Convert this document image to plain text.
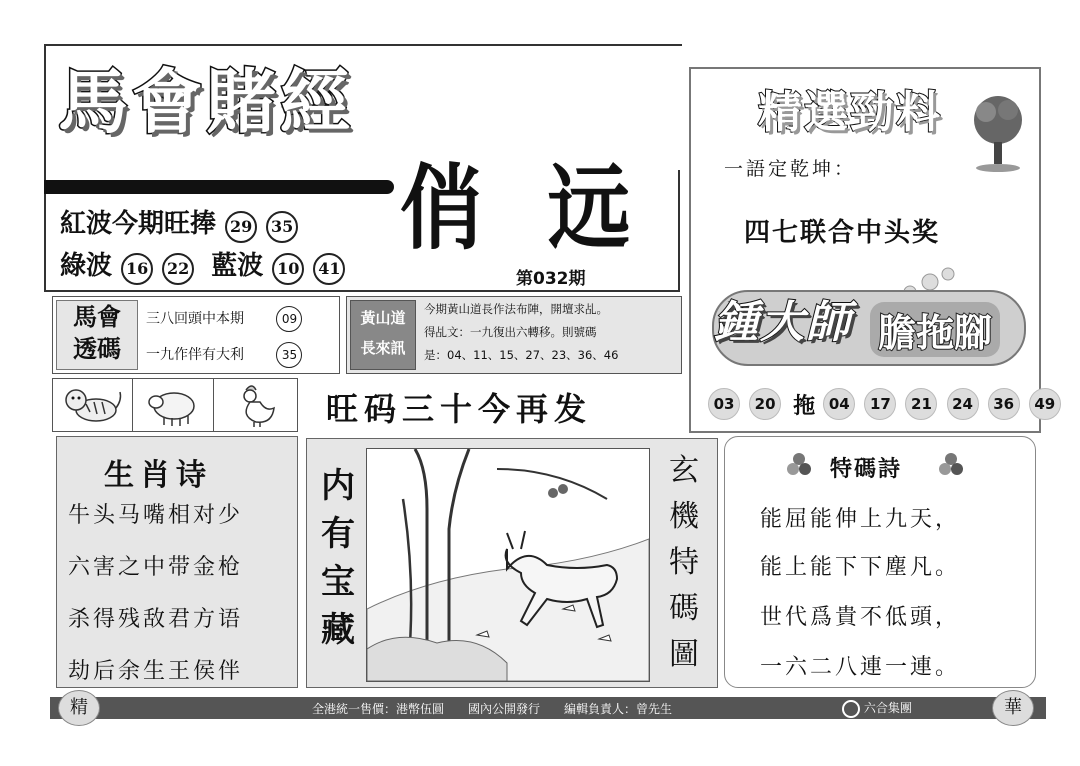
馬會賭經
俏 远
紅波今期旺捧 29 35
綠波 16 22 藍波 10 41
第032期
馬會
透碼
三八回頭中本期	09
一九作伴有大利	35
黃山道
長來訊
今期黃山道長作法布陣，開壇求乩。
得乩文：一九復出六轉移。則號碼
是：04、11、15、27、23、36、46
旺码三十今再发
精選勁料
一語定乾坤：
四七联合中头奖
鍾大師 膽拖腳
03 20 拖 04 17 21 24 36 49
生肖诗
牛头马嘴相对少
六害之中带金枪
杀得残敌君方语
劫后余生王侯伴
内有宝藏
玄機特碼圖
特碼詩
能屈能伸上九天，
能上能下下塵凡。
世代爲貴不低頭，
一六二八連一連。
精	全港統一售價：港幣伍圓　　國內公開發行　　編輯負責人：曾先生	六合集團	華
